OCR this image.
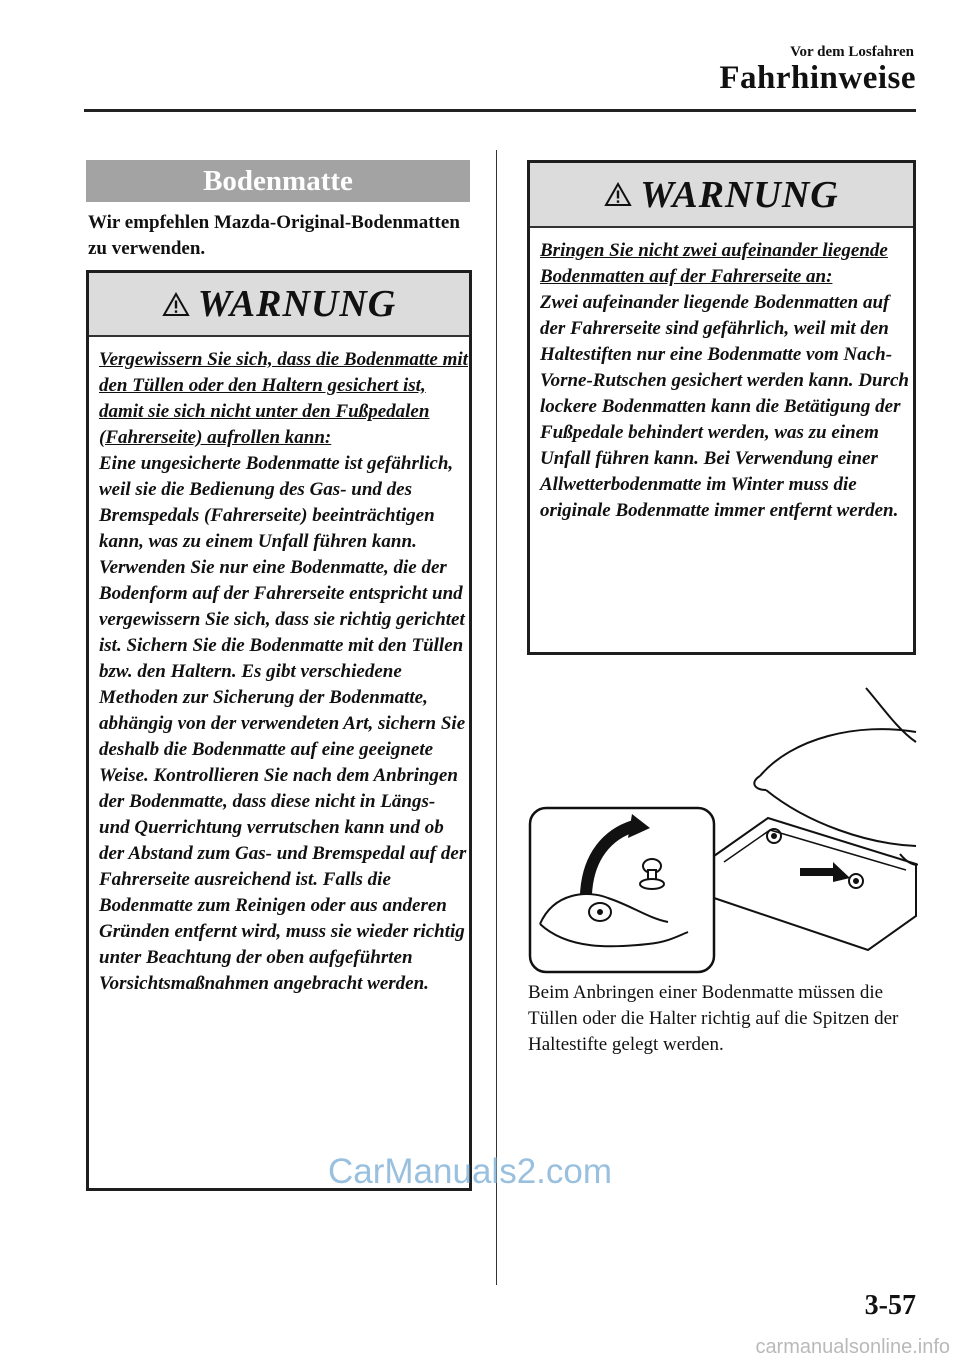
Vor dem Losfahren
Fahrhinweise
Bodenmatte
Wir empfehlen Mazda-Original-Bodenmatten zu verwenden.
WARNUNG
Vergewissern Sie sich, dass die Bodenmatte mit den Tüllen oder den Haltern gesichert ist, damit sie sich nicht unter den Fußpedalen (Fahrerseite) aufrollen kann:
Eine ungesicherte Bodenmatte ist gefährlich, weil sie die Bedienung des Gas- und des Bremspedals (Fahrerseite) beeinträchtigen kann, was zu einem Unfall führen kann. Verwenden Sie nur eine Bodenmatte, die der Bodenform auf der Fahrerseite entspricht und vergewissern Sie sich, dass sie richtig gerichtet ist. Sichern Sie die Bodenmatte mit den Tüllen bzw. den Haltern. Es gibt verschiedene Methoden zur Sicherung der Bodenmatte, abhängig von der verwendeten Art, sichern Sie deshalb die Bodenmatte auf eine geeignete Weise. Kontrollieren Sie nach dem Anbringen der Bodenmatte, dass diese nicht in Längs- und Querrichtung verrutschen kann und ob der Abstand zum Gas- und Bremspedal auf der Fahrerseite ausreichend ist. Falls die Bodenmatte zum Reinigen oder aus anderen Gründen entfernt wird, muss sie wieder richtig unter Beachtung der oben aufgeführten Vorsichtsmaßnahmen angebracht werden.
WARNUNG
Bringen Sie nicht zwei aufeinander liegende Bodenmatten auf der Fahrerseite an:
Zwei aufeinander liegende Bodenmatten auf der Fahrerseite sind gefährlich, weil mit den Haltestiften nur eine Bodenmatte vom Nach-Vorne-Rutschen gesichert werden kann. Durch lockere Bodenmatten kann die Betätigung der Fußpedale behindert werden, was zu einem Unfall führen kann. Bei Verwendung einer Allwetterbodenmatte im Winter muss die originale Bodenmatte immer entfernt werden.
Beim Anbringen einer Bodenmatte müssen die Tüllen oder die Halter richtig auf die Spitzen der Haltestifte gelegt werden.
CarManuals2.com
3-57
carmanualsonline.info
